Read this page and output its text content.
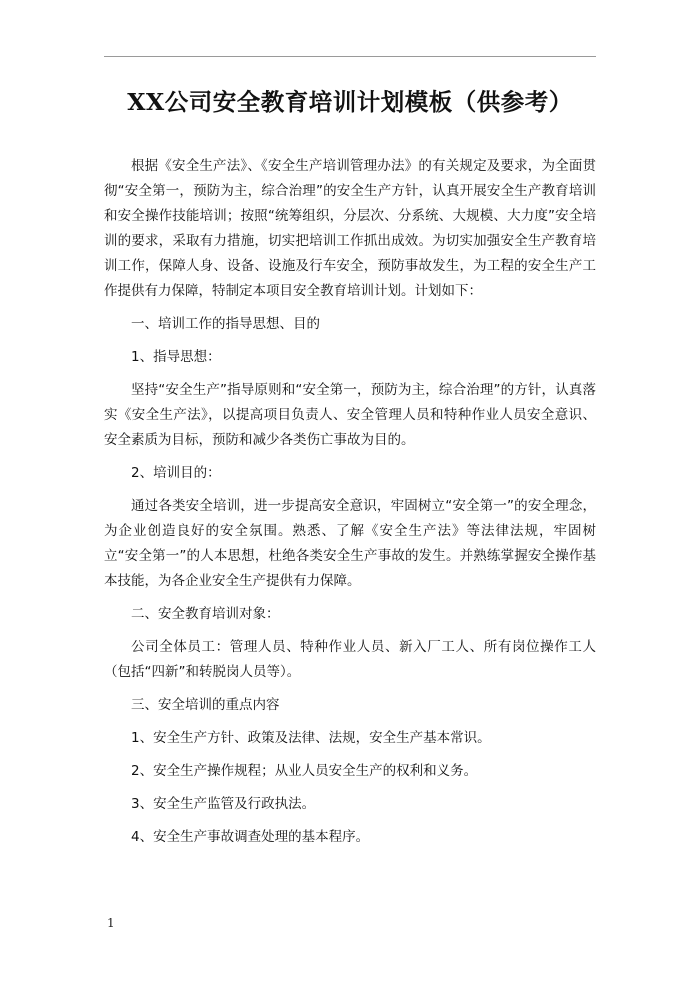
XX公司安全教育培训计划模板（供参考）

根据《安全生产法》、《安全生产培训管理办法》的有关规定及要求，为全面贯彻“安全第一，预防为主，综合治理”的安全生产方针，认真开展安全生产教育培训和安全操作技能培训；按照“统筹组织，分层次、分系统、大规模、大力度”安全培训的要求，采取有力措施，切实把培训工作抓出成效。为切实加强安全生产教育培训工作，保障人身、设备、设施及行车安全，预防事故发生，为工程的安全生产工作提供有力保障，特制定本项目安全教育培训计划。计划如下：

一、培训工作的指导思想、目的

1、指导思想：

坚持“安全生产”指导原则和“安全第一，预防为主，综合治理”的方针，认真落实《安全生产法》，以提高项目负责人、安全管理人员和特种作业人员安全意识、安全素质为目标，预防和减少各类伤亡事故为目的。

2、培训目的：

通过各类安全培训，进一步提高安全意识，牢固树立“安全第一”的安全理念，为企业创造良好的安全氛围。熟悉、了解《安全生产法》等法律法规，牢固树立“安全第一”的人本思想，杜绝各类安全生产事故的发生。并熟练掌握安全操作基本技能，为各企业安全生产提供有力保障。

二、安全教育培训对象：

公司全体员工：管理人员、特种作业人员、新入厂工人、所有岗位操作工人（包括“四新”和转脱岗人员等）。

三、安全培训的重点内容

1、安全生产方针、政策及法律、法规，安全生产基本常识。

2、安全生产操作规程；从业人员安全生产的权利和义务。

3、安全生产监管及行政执法。

4、安全生产事故调查处理的基本程序。

1
